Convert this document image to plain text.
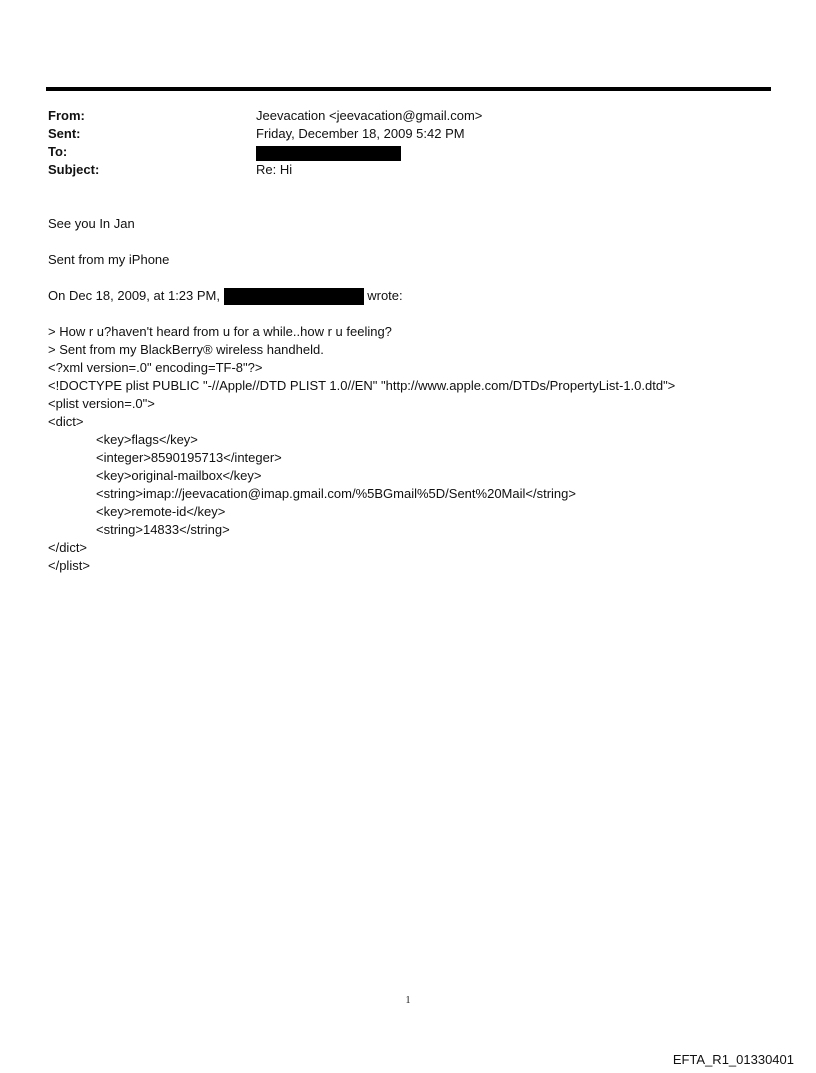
From:	Jeevacation <jeevacation@gmail.com>
Sent:	Friday, December 18, 2009 5:42 PM
To:
Subject:	Re: Hi
See you In Jan
Sent from my iPhone
On Dec 18, 2009, at 1:23 PM,	wrote:
> How r u?haven't heard from u for a while..how r u feeling?
> Sent from my BlackBerry® wireless handheld.
<?xml version=.0" encoding=TF-8"?>
<!DOCTYPE plist PUBLIC "-//Apple//DTD PLIST 1.0//EN" "http://www.apple.com/DTDs/PropertyList-1.0.dtd">
<plist version=.0">
<dict>
<key>flags</key>
<integer>8590195713</integer>
<key>original-mailbox</key>
<string>imap://jeevacation@imap.gmail.com/%5BGmail%5D/Sent%20Mail</string>
<key>remote-id</key>
<string>14833</string>
</dict>
</plist>
1
EFTA_R1_01330401
